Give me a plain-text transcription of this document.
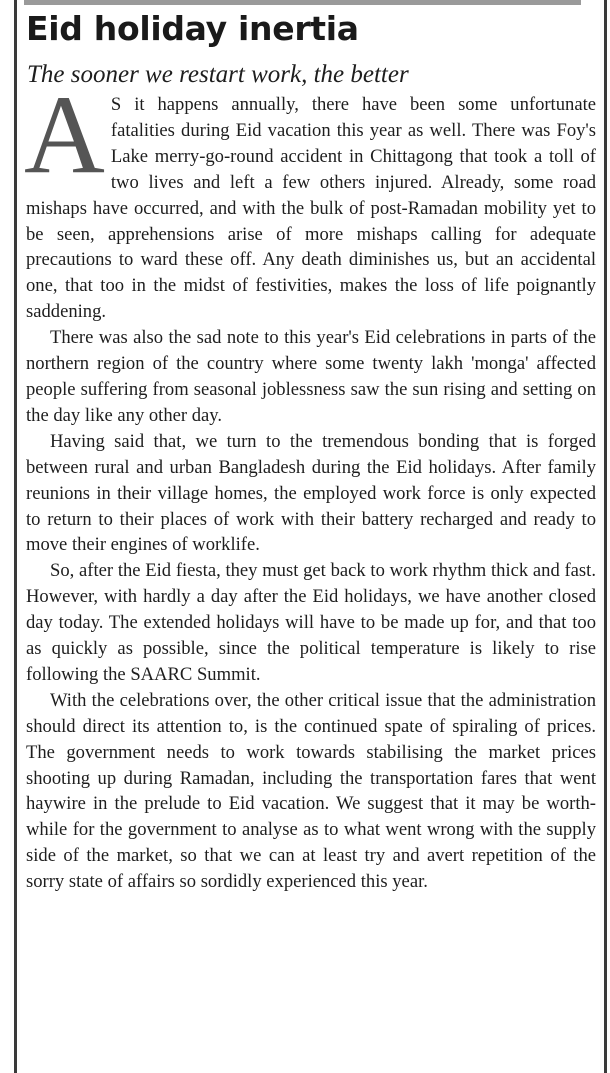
Eid holiday inertia
The sooner we restart work, the better

A S it happens annually, there have been some unfortunate fatalities during Eid vacation this year as well. There was Foy's Lake merry-go-round accident in Chittagong that took a toll of two lives and left a few others injured. Already, some road mishaps have occurred, and with the bulk of post-Ramadan mobility yet to be seen, apprehensions arise of more mishaps calling for adequate precautions to ward these off. Any death diminishes us, but an accidental one, that too in the midst of festivities, makes the loss of life poignantly saddening.

There was also the sad note to this year's Eid celebrations in parts of the northern region of the country where some twenty lakh 'monga' affected people suffering from seasonal joblessness saw the sun rising and setting on the day like any other day.

Having said that, we turn to the tremendous bonding that is forged between rural and urban Bangladesh during the Eid holidays. After family reunions in their village homes, the employed work force is only expected to return to their places of work with their battery recharged and ready to move their engines of worklife.

So, after the Eid fiesta, they must get back to work rhythm thick and fast. However, with hardly a day after the Eid holidays, we have another closed day today. The extended holidays will have to be made up for, and that too as quickly as possible, since the political temperature is likely to rise following the SAARC Summit.

With the celebrations over, the other critical issue that the administration should direct its attention to, is the continued spate of spiraling of prices. The government needs to work towards stabilising the market prices shooting up during Ramadan, including the transportation fares that went haywire in the prelude to Eid vacation. We suggest that it may be worthwhile for the government to analyse as to what went wrong with the supply side of the market, so that we can at least try and avert repetition of the sorry state of affairs so sordidly experienced this year.
